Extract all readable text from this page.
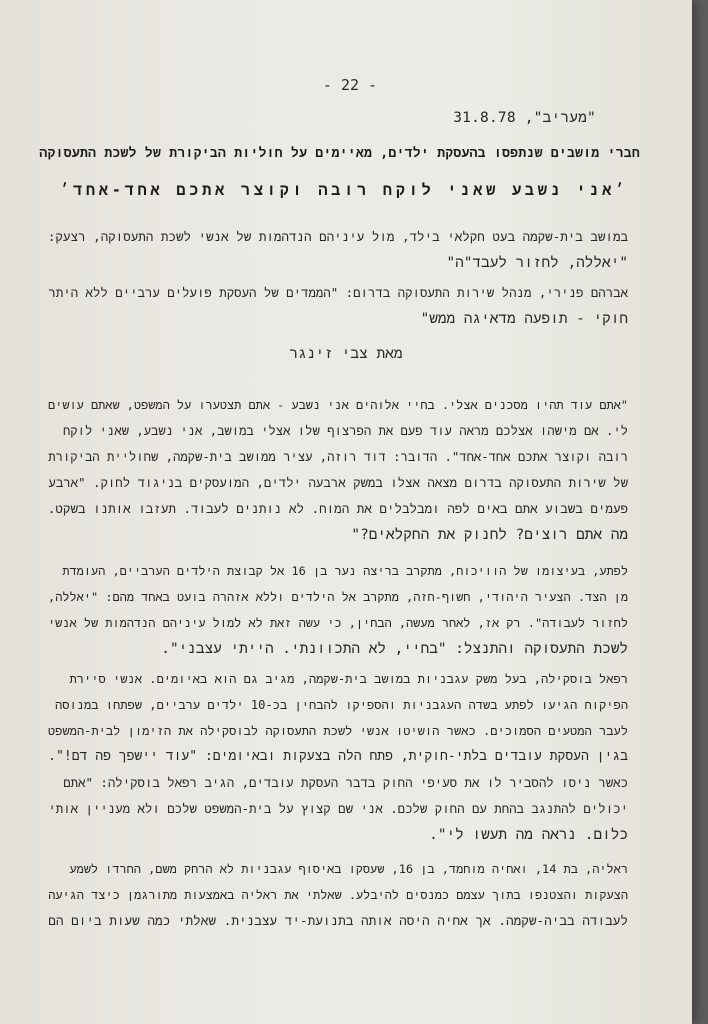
- 22 -
"מעריב", 31.8.78
חברי מושבים שנתפסו בהעסקת ילדים, מאיימים על חוליות הביקורת של לשכת התעסוקה
׳אני נשבע שאני לוקח רובה וקוצר אתכם אחד-אחד׳
במושב בית-שקמה בעט חקלאי בילד, מול עיניהם הנדהמות של אנשי לשכת התעסוקה, רצעק:
"יאללה, לחזור לעבד"ה"
אברהם פנירי, מנהל שירות התעסוקה בדרום: "הממדים של העסקת פועלים ערביים ללא היתר
חוקי - תופעה מדאיגה ממש"
מאת צבי זינגר
"אתם עוד תהיו מסכנים אצלי. בחיי אלוהים אני נשבע - אתם תצטערו על המשפט, שאתם עושים
לי. אם מישהו אצלכם מראה עוד פעם את הפרצוף שלו אצלי במושב, אני נשבע, שאני לוקח
רובה וקוצר אתכם אחד-אחד". הדובר: דוד רוזה, עציר ממושב בית-שקמה, שחוליית הביקורת
של שירות התעסוקה בדרום מצאה אצלו במשק ארבעה ילדים, המועסקים בניגוד לחוק. "ארבע
פעמים בשבוע אתם באים לפה ומבלבלים את המוח. לא נותנים לעבוד. תעזבו אותנו בשקט.
מה אתם רוצים? לחנוק את החקלאים?"
לפתע, בעיצומו של הוויכוח, מתקרב בריצה נער בן 16 אל קבוצת הילדים הערביים, העומדת
מן הצד. הצעיר היהודי, חשוף-חזה, מתקרב אל הילדים וללא אזהרה בועט באחד מהם: "יאללה,
לחזור לעבודה". רק אז, לאחר מעשה, הבחין, כי עשה זאת לא למול עיניהם הנדהמות של אנשי
לשכת התעסוקה והתנצל: "בחיי, לא התכוונתי. הייתי עצבני".
רפאל בוסקילה, בעל משק עגבניות במושב בית-שקמה, מגיב גם הוא באיומים. אנשי סיירת
הפיקוח הגיעו לפתע בשדה העגבניות והספיקו להבחין בכ-10 ילדים ערביים, שפתחו במנוסה
לעבר המטעים הסמוכים. כאשר הושיטו אנשי לשכת התעסוקה לבוסקילה את הזימון לבית-המשפט
בגין העסקת עובדים בלתי-חוקית, פתח הלה בצעקות ובאיומים: "עוד יישפך פה דם!".
כאשר ניסו להסביר לו את סעיפי החוק בדבר העסקת עובדים, הגיב רפאל בוסקילה: "אתם
יכולים להתנגב בהחת עם החוק שלכם. אני שם קצוץ על בית-המשפט שלכם ולא מעניין אותי
כלום. נראה מה תעשו לי".
ראליה, בת 14, ואחיה מוחמד, בן 16, שעסקו באיסוף עגבניות לא הרחק משם, החרדו לשמע
הצעקות והצטנפו בתוך עצמם כמנסים להיבלע. שאלתי את ראליה באמצעות מתורגמן כיצד הגיעה
לעבודה בביה-שקמה. אך אחיה היסה אותה בתנועת-יד עצבנית. שאלתי כמה שעות ביום הם
